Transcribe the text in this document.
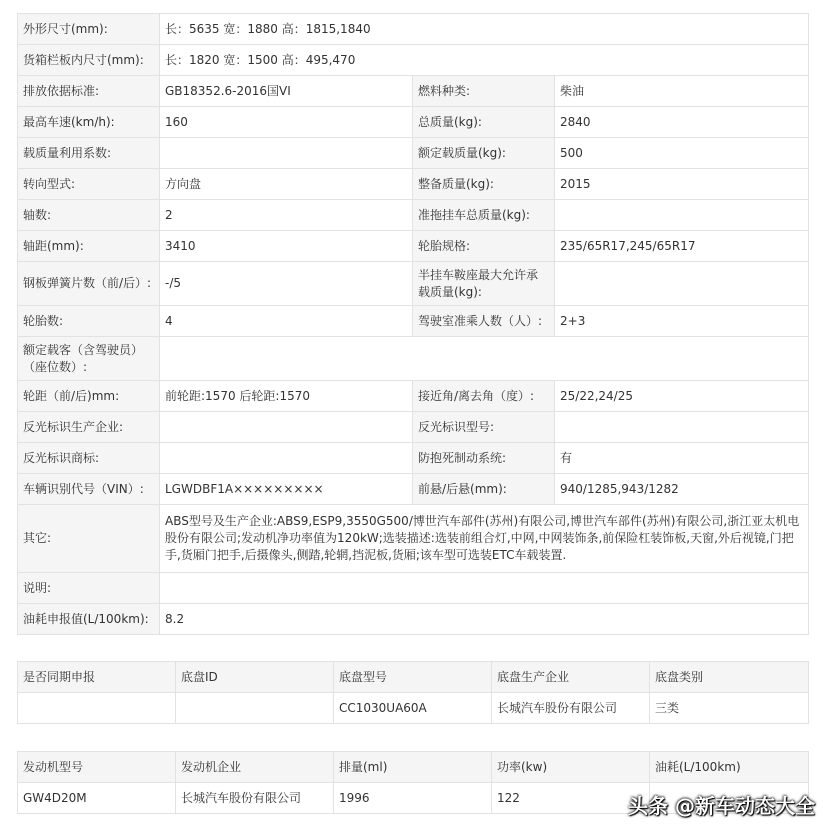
外形尺寸(mm):	长：5635 宽：1880 高：1815,1840		
货箱栏板内尺寸(mm):	长：1820 宽：1500 高：495,470		
排放依据标准:	GB18352.6-2016国VI	燃料种类:	柴油
最高车速(km/h):	160	总质量(kg):	2840
载质量利用系数:		额定载质量(kg):	500
转向型式:	方向盘	整备质量(kg):	2015
轴数:	2	准拖挂车总质量(kg):	
轴距(mm):	3410	轮胎规格:	235/65R17,245/65R17
钢板弹簧片数（前/后）:	-/5	半挂车鞍座最大允许承载质量(kg):	
轮胎数:	4	驾驶室准乘人数（人）:	2+3
额定载客（含驾驶员）（座位数）:			
轮距（前/后)mm:	前轮距:1570 后轮距:1570	接近角/离去角（度）:	25/22,24/25
反光标识生产企业:		反光标识型号:	
反光标识商标:		防抱死制动系统:	有
车辆识别代号（VIN）:	LGWDBF1A×××××××××	前悬/后悬(mm):	940/1285,943/1282
其它:	ABS型号及生产企业:ABS9,ESP9,3550G500/博世汽车部件(苏州)有限公司,博世汽车部件(苏州)有限公司,浙江亚太机电股份有限公司;发动机净功率值为120kW;选装描述:选装前组合灯,中网,中网装饰条,前保险杠装饰板,天窗,外后视镜,门把手,货厢门把手,后摄像头,侧踏,轮辋,挡泥板,货厢;该车型可选装ETC车载装置.		
说明:			
油耗申报值(L/100km):	8.2		
是否同期申报	底盘ID	底盘型号	底盘生产企业	底盘类别
		CC1030UA60A	长城汽车股份有限公司	三类
发动机型号	发动机企业	排量(ml)	功率(kw)	油耗(L/100km)
GW4D20M	长城汽车股份有限公司	1996	122		头条 @新车动态大全
